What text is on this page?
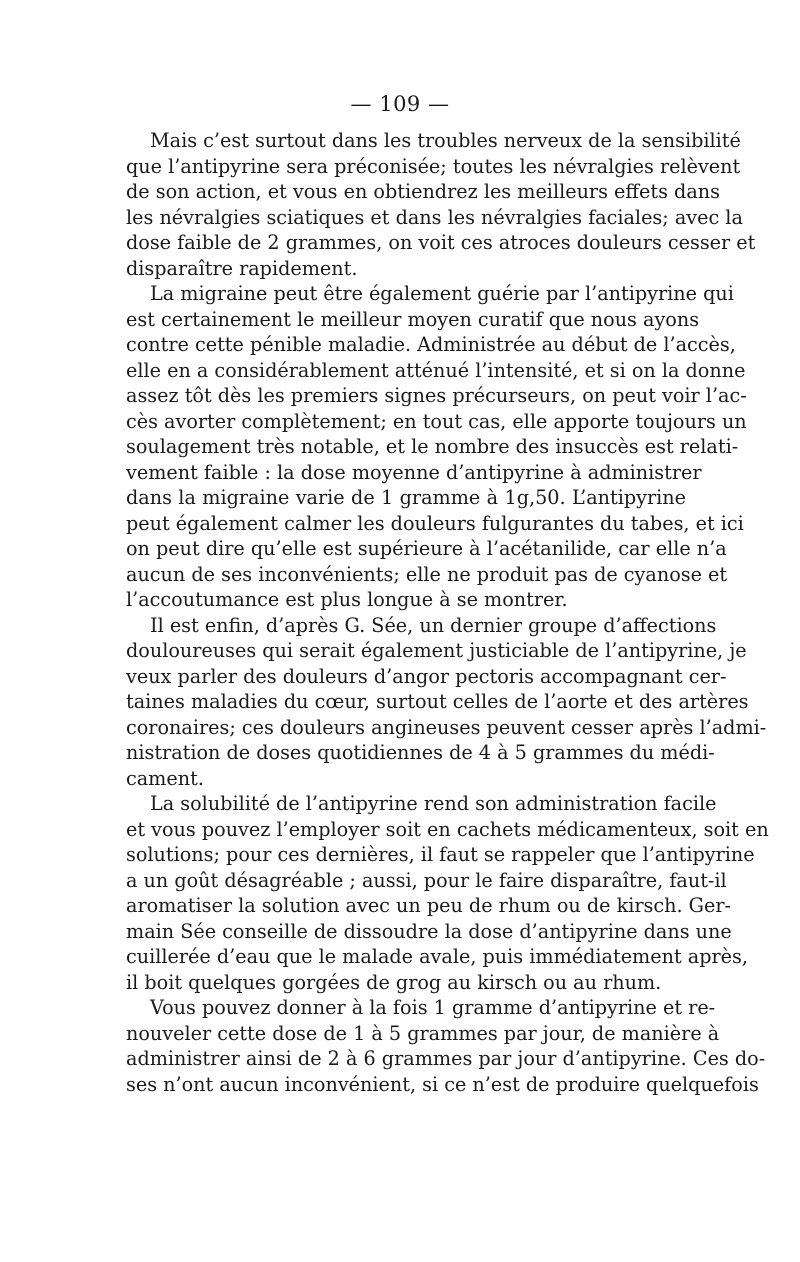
— 109 —
Mais c’est surtout dans les troubles nerveux de la sensibilité
que l’antipyrine sera préconisée; toutes les névralgies relèvent
de son action, et vous en obtiendrez les meilleurs effets dans
les névralgies sciatiques et dans les névralgies faciales; avec la
dose faible de 2 grammes, on voit ces atroces douleurs cesser et
disparaître rapidement.
La migraine peut être également guérie par l’antipyrine qui
est certainement le meilleur moyen curatif que nous ayons
contre cette pénible maladie. Administrée au début de l’accès,
elle en a considérablement atténué l’intensité, et si on la donne
assez tôt dès les premiers signes précurseurs, on peut voir l’ac-
cès avorter complètement; en tout cas, elle apporte toujours un
soulagement très notable, et le nombre des insuccès est relati-
vement faible : la dose moyenne d’antipyrine à administrer
dans la migraine varie de 1 gramme à 1g,50. L’antipyrine
peut également calmer les douleurs fulgurantes du tabes, et ici
on peut dire qu’elle est supérieure à l’acétanilide, car elle n’a
aucun de ses inconvénients; elle ne produit pas de cyanose et
l’accoutumance est plus longue à se montrer.
Il est enfin, d’après G. Sée, un dernier groupe d’affections
douloureuses qui serait également justiciable de l’antipyrine, je
veux parler des douleurs d’angor pectoris accompagnant cer-
taines maladies du cœur, surtout celles de l’aorte et des artères
coronaires; ces douleurs angineuses peuvent cesser après l’admi-
nistration de doses quotidiennes de 4 à 5 grammes du médi-
cament.
La solubilité de l’antipyrine rend son administration facile
et vous pouvez l’employer soit en cachets médicamenteux, soit en
solutions; pour ces dernières, il faut se rappeler que l’antipyrine
a un goût désagréable ; aussi, pour le faire disparaître, faut-il
aromatiser la solution avec un peu de rhum ou de kirsch. Ger-
main Sée conseille de dissoudre la dose d’antipyrine dans une
cuillerée d’eau que le malade avale, puis immédiatement après,
il boit quelques gorgées de grog au kirsch ou au rhum.
Vous pouvez donner à la fois 1 gramme d’antipyrine et re-
nouveler cette dose de 1 à 5 grammes par jour, de manière à
administrer ainsi de 2 à 6 grammes par jour d’antipyrine. Ces do-
ses n’ont aucun inconvénient, si ce n’est de produire quelquefois
